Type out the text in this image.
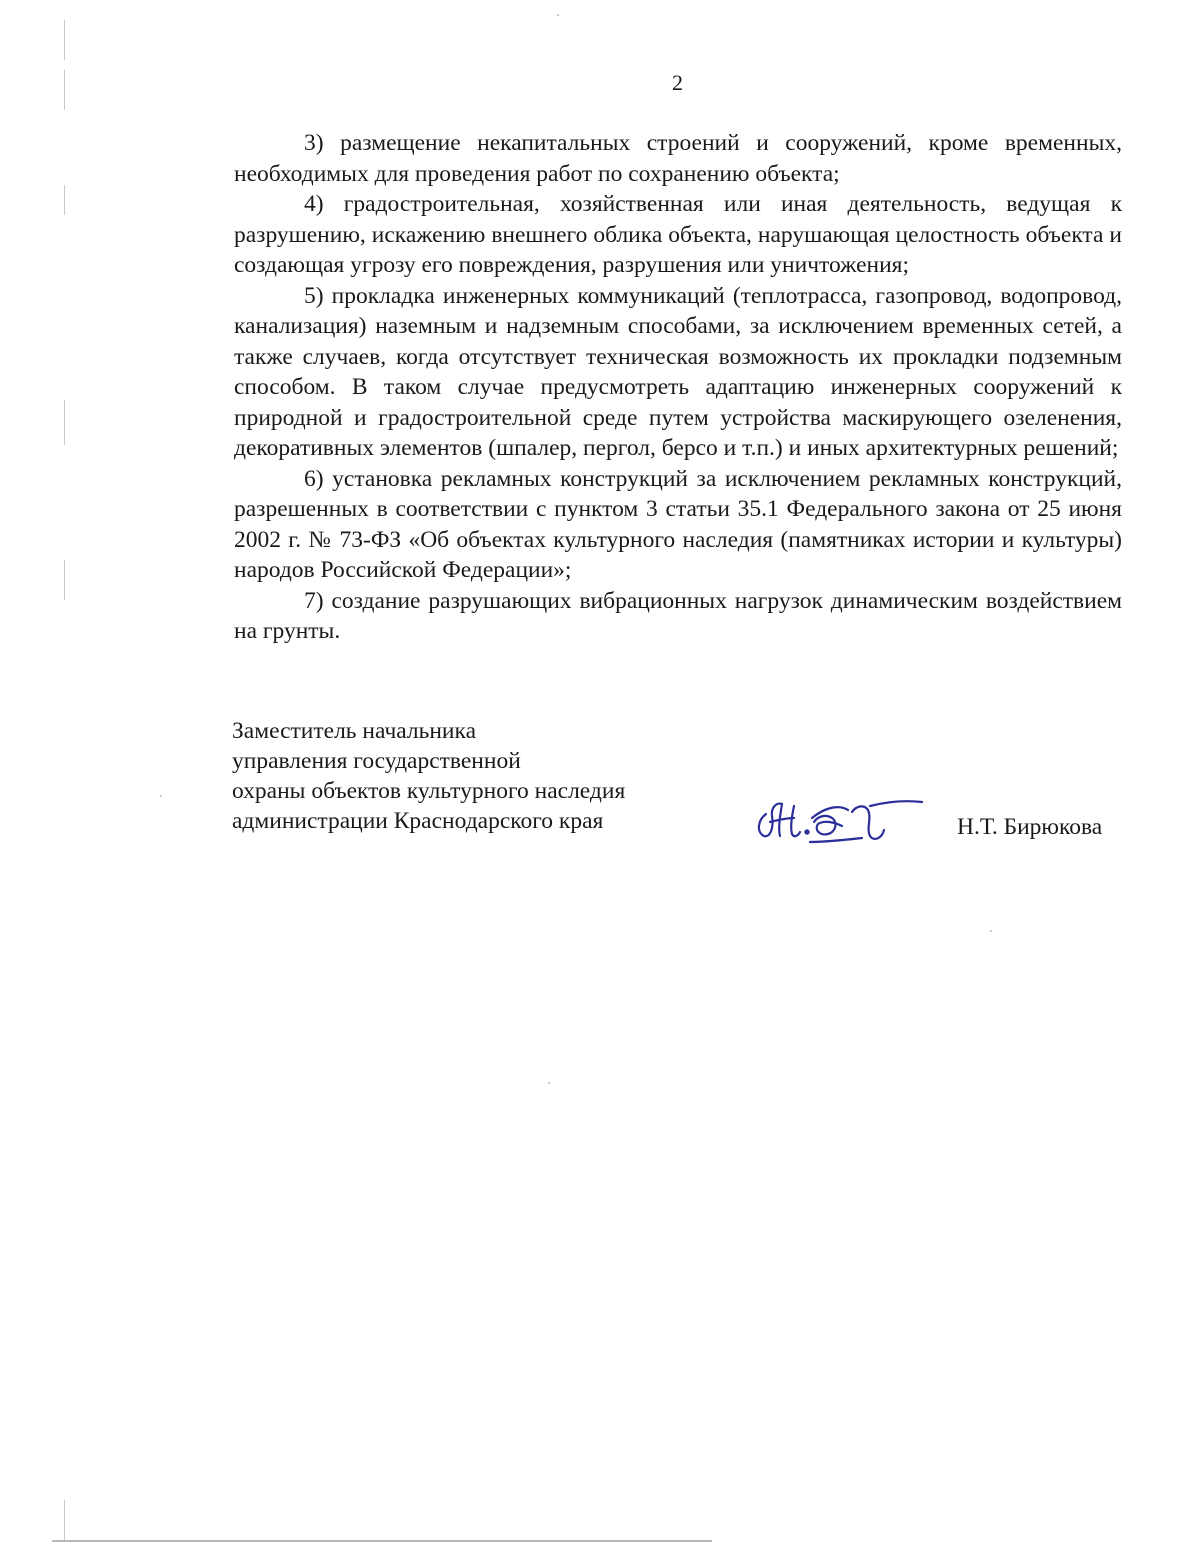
2

3) размещение некапитальных строений и сооружений, кроме временных, необходимых для проведения работ по сохранению объекта;

4) градостроительная, хозяйственная или иная деятельность, ведущая к разрушению, искажению внешнего облика объекта, нарушающая целостность объекта и создающая угрозу его повреждения, разрушения или уничтожения;

5) прокладка инженерных коммуникаций (теплотрасса, газопровод, водопровод, канализация) наземным и надземным способами, за исключением временных сетей, а также случаев, когда отсутствует техническая возможность их прокладки подземным способом. В таком случае предусмотреть адаптацию инженерных сооружений к природной и градостроительной среде путем устройства маскирующего озеленения, декоративных элементов (шпалер, пергол, берсо и т.п.) и иных архитектурных решений;

6) установка рекламных конструкций за исключением рекламных конструкций, разрешенных в соответствии с пунктом 3 статьи 35.1 Федерального закона от 25 июня 2002 г. № 73-ФЗ «Об объектах культурного наследия (памятниках истории и культуры) народов Российской Федерации»;

7) создание разрушающих вибрационных нагрузок динамическим воздействием на грунты.

Заместитель начальника
управления государственной
охраны объектов культурного наследия
администрации Краснодарского края	Н.Т. Бирюкова
